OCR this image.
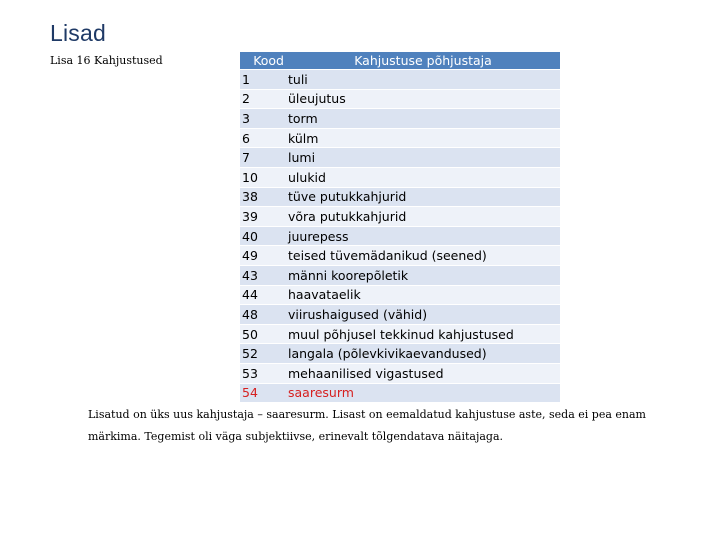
Lisad
Lisa 16 Kahjustused	Kood	Kahjustuse põhjustaja
1	tuli
2	üleujutus
3	torm
6	külm
7	lumi
10	ulukid
38	tüve putukkahjurid
39	võra putukkahjurid
40	juurepess
49	teised tüvemädanikud (seened)
43	männi koorepõletik
44	haavataelik
48	viirushaigused (vähid)
50	muul põhjusel tekkinud kahjustused
52	langala (põlevkivikaevandused)
53	mehaanilised vigastused
54	saaresurm
Lisatud on üks uus kahjustaja – saaresurm. Lisast on eemaldatud kahjustuse aste, seda ei pea enam märkima. Tegemist oli väga subjektiivse, erinevalt tõlgendatava näitajaga.
